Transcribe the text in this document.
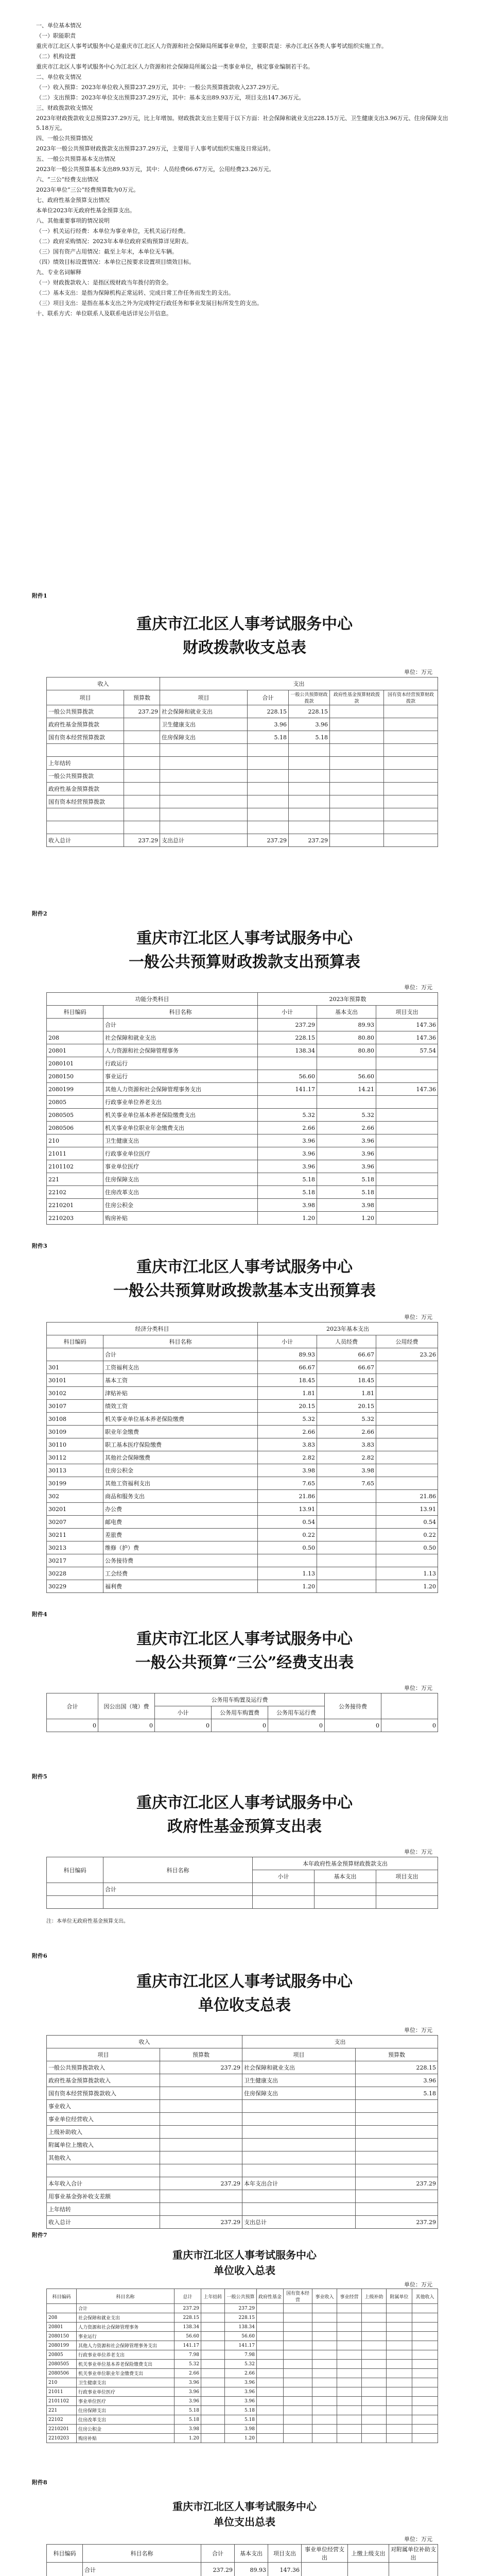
一、单位基本情况

（一）职能职责

重庆市江北区人事考试服务中心是重庆市江北区人力资源和社会保障局所属事业单位，主要职责是：承办江北区各类人事考试组织实施工作。

（二）机构设置

重庆市江北区人事考试服务中心为江北区人力资源和社会保障局所属公益一类事业单位，核定事业编制若干名。

二、单位收支情况

（一）收入预算：2023年单位收入预算237.29万元，其中：一般公共预算拨款收入237.29万元。

（二）支出预算：2023年单位支出预算237.29万元，其中：基本支出89.93万元，项目支出147.36万元。

三、财政拨款收支情况

2023年财政拨款收支总预算237.29万元，比上年增加。财政拨款支出主要用于以下方面：社会保障和就业支出228.15万元、卫生健康支出3.96万元、住房保障支出5.18万元。

四、一般公共预算情况

2023年一般公共预算财政拨款支出预算237.29万元，主要用于人事考试组织实施及日常运转。

五、一般公共预算基本支出情况

2023年一般公共预算基本支出89.93万元，其中：人员经费66.67万元，公用经费23.26万元。

六、“三公”经费支出情况

2023年单位“三公”经费预算数为0万元。

七、政府性基金预算支出情况

本单位2023年无政府性基金预算支出。

八、其他重要事项的情况说明

（一）机关运行经费：本单位为事业单位，无机关运行经费。

（二）政府采购情况：2023年本单位政府采购预算详见附表。

（三）国有资产占用情况：截至上年末，本单位无车辆。

（四）绩效目标设置情况：本单位已按要求设置项目绩效目标。

九、专业名词解释

（一）财政拨款收入：是指区级财政当年拨付的资金。

（二）基本支出：是指为保障机构正常运转、完成日常工作任务而发生的支出。

（三）项目支出：是指在基本支出之外为完成特定行政任务和事业发展目标所发生的支出。

十、联系方式：单位联系人及联系电话详见公开信息。

附件1
重庆市江北区人事考试服务中心
财政拨款收支总表
单位：万元
收入		支出				
项目	预算数	项目	合计	一般公共预算财政拨款	政府性基金预算财政拨款	国有资本经营预算财政拨款
一般公共预算拨款	237.29	社会保障和就业支出	228.15	228.15		
政府性基金预算拨款		卫生健康支出	3.96	3.96		
国有资本经营预算拨款		住房保障支出	5.18	5.18		

上年结转						
一般公共预算拨款						
政府性基金预算拨款						
国有资本经营预算拨款						

收入总计	237.29	支出总计	237.29	237.29		
附件2
重庆市江北区人事考试服务中心
一般公共预算财政拨款支出预算表
单位：万元
功能分类科目		2023年预算数		
科目编码	科目名称	小计	基本支出	项目支出
	合计	237.29	89.93	147.36
208	社会保障和就业支出	228.15	80.80	147.36
20801	人力资源和社会保障管理事务	138.34	80.80	57.54
2080101	行政运行			
2080150	事业运行	56.60	56.60	
2080199	其他人力资源和社会保障管理事务支出	141.17	14.21	147.36
20805	行政事业单位养老支出			
2080505	机关事业单位基本养老保险缴费支出	5.32	5.32	
2080506	机关事业单位职业年金缴费支出	2.66	2.66	
210	卫生健康支出	3.96	3.96	
21011	行政事业单位医疗	3.96	3.96	
2101102	事业单位医疗	3.96	3.96	
221	住房保障支出	5.18	5.18	
22102	住房改革支出	5.18	5.18	
2210201	住房公积金	3.98	3.98	
2210203	购房补贴	1.20	1.20	
附件3
重庆市江北区人事考试服务中心
一般公共预算财政拨款基本支出预算表
单位：万元
经济分类科目		2023年基本支出		
科目编码	科目名称	小计	人员经费	公用经费
	合计	89.93	66.67	23.26
301	工资福利支出	66.67	66.67	
30101	基本工资	18.45	18.45	
30102	津贴补贴	1.81	1.81	
30107	绩效工资	20.15	20.15	
30108	机关事业单位基本养老保险缴费	5.32	5.32	
30109	职业年金缴费	2.66	2.66	
30110	职工基本医疗保险缴费	3.83	3.83	
30112	其他社会保障缴费	2.82	2.82	
30113	住房公积金	3.98	3.98	
30199	其他工资福利支出	7.65	7.65	
302	商品和服务支出	21.86		21.86
30201	办公费	13.91		13.91
30207	邮电费	0.54		0.54
30211	差旅费	0.22		0.22
30213	维修（护）费	0.50		0.50
30217	公务接待费			
30228	工会经费	1.13		1.13
30229	福利费	1.20		1.20
附件4
重庆市江北区人事考试服务中心
一般公共预算“三公”经费支出表
单位：万元
合计	因公出国（境）费	公务用车购置及运行费			公务接待费	
		小计	公务用车购置费	公务用车运行费		
0	0	0	0	0	0	0
附件5
重庆市江北区人事考试服务中心
政府性基金预算支出表
单位：万元
科目编码	科目名称	本年政府性基金预算财政拨款支出			
		小计	基本支出	项目支出	
	合计				

注：本单位无政府性基金预算支出。
附件6
重庆市江北区人事考试服务中心
单位收支总表
单位：万元
收入		支出	
项目	预算数	项目	预算数
一般公共预算拨款收入	237.29	社会保障和就业支出	228.15
政府性基金预算拨款收入		卫生健康支出	3.96
国有资本经营预算拨款收入		住房保障支出	5.18
事业收入			
事业单位经营收入			
上级补助收入			
附属单位上缴收入			
其他收入			

本年收入合计	237.29	本年支出合计	237.29
用事业基金弥补收支差额			
上年结转			
收入总计	237.29	支出总计	237.29
附件7
重庆市江北区人事考试服务中心
单位收入总表
单位：万元
科目编码	科目名称	总计	上年结转	一般公共预算	政府性基金	国有资本经营	事业收入	事业经营	上级补助	附属单位	其他收入
	合计	237.29		237.29							
208	社会保障和就业支出	228.15		228.15							
20801	人力资源和社会保障管理事务	138.34		138.34							
2080150	事业运行	56.60		56.60							
2080199	其他人力资源和社会保障管理事务支出	141.17		141.17							
20805	行政事业单位养老支出	7.98		7.98							
2080505	机关事业单位基本养老保险缴费支出	5.32		5.32							
2080506	机关事业单位职业年金缴费支出	2.66		2.66							
210	卫生健康支出	3.96		3.96							
21011	行政事业单位医疗	3.96		3.96							
2101102	事业单位医疗	3.96		3.96							
221	住房保障支出	5.18		5.18							
22102	住房改革支出	5.18		5.18							
2210201	住房公积金	3.98		3.98							
2210203	购房补贴	1.20		1.20							
附件8
重庆市江北区人事考试服务中心
单位支出总表
单位：万元
科目编码	科目名称	合计	基本支出	项目支出	事业单位经营支出	上缴上级支出	对附属单位补助支出
	合计	237.29	89.93	147.36			
